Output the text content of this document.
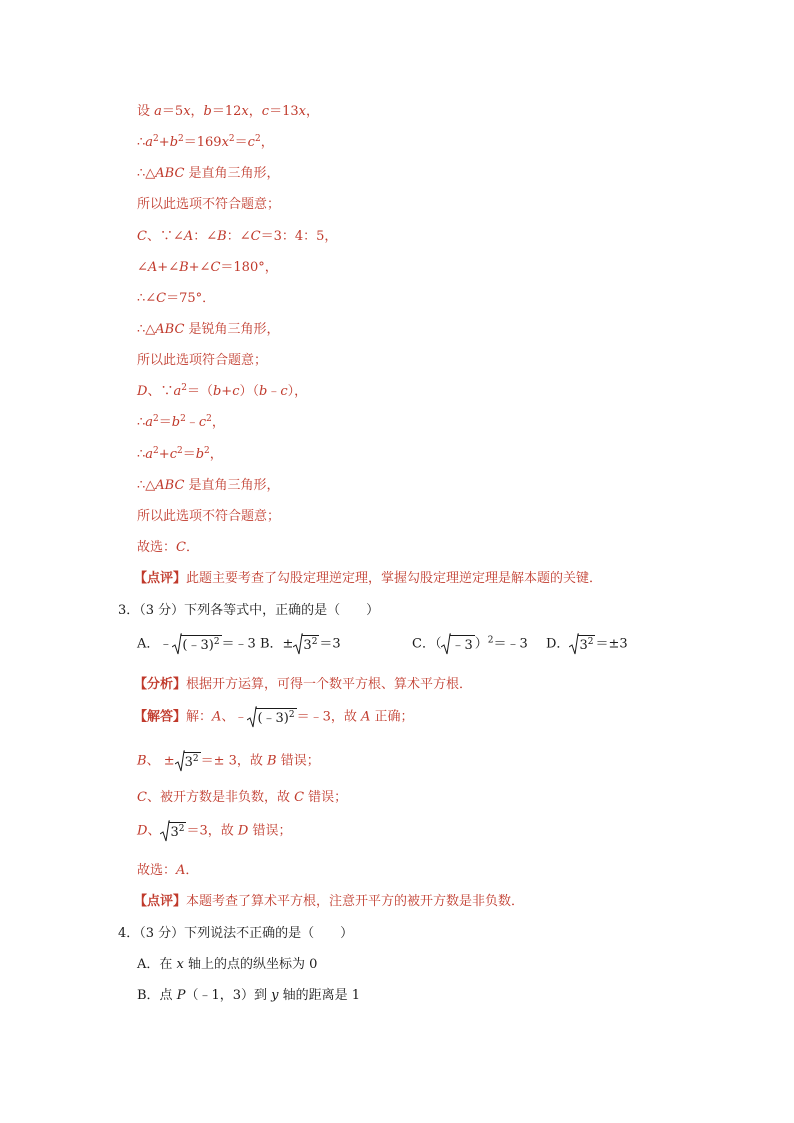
设 a＝5x，b＝12x，c＝13x，
$\therefore a^2+b^2=169x^2=c^2$，
∴△ABC 是直角三角形，
所以此选项不符合题意；
C、∵∠A：∠B：∠C＝3：4：5，
∠A+∠B+∠C＝180°，
∴∠C＝75°．
∴△ABC 是锐角三角形，
所以此选项符合题意；
D、$\because a^2=(b+c)(b﹣c)$，
$\therefore a^2=b^2﹣c^2$，
$\therefore a^2+c^2=b^2$，
∴△ABC 是直角三角形，
所以此选项不符合题意；
故选：C．
【点评】此题主要考查了勾股定理逆定理，掌握勾股定理逆定理是解本题的关键．
3．（3 分）下列各等式中，正确的是（　　）
A．﹣ (﹣3)$^2$ ＝﹣3 B．± $3^2 =3$	C．（ ﹣3 ）$^2$＝﹣3 D． $3^2 =\pm 3$
【分析】根据开方运算，可得一个数平方根、算术平方根．
【解答】解：A、﹣ (﹣3)$^2$ ＝﹣3，故 A 正确；
B、 ± $3^2 =\pm 3$，故 B 错误；
C、被开方数是非负数，故 C 错误；
D、 $3^2 =3$，故 D 错误；
故选：A．
【点评】本题考查了算术平方根，注意开平方的被开方数是非负数．
4．（3 分）下列说法不正确的是（　　）
A．在 x 轴上的点的纵坐标为 0
B．点 P（﹣1，3）到 y 轴的距离是 1
